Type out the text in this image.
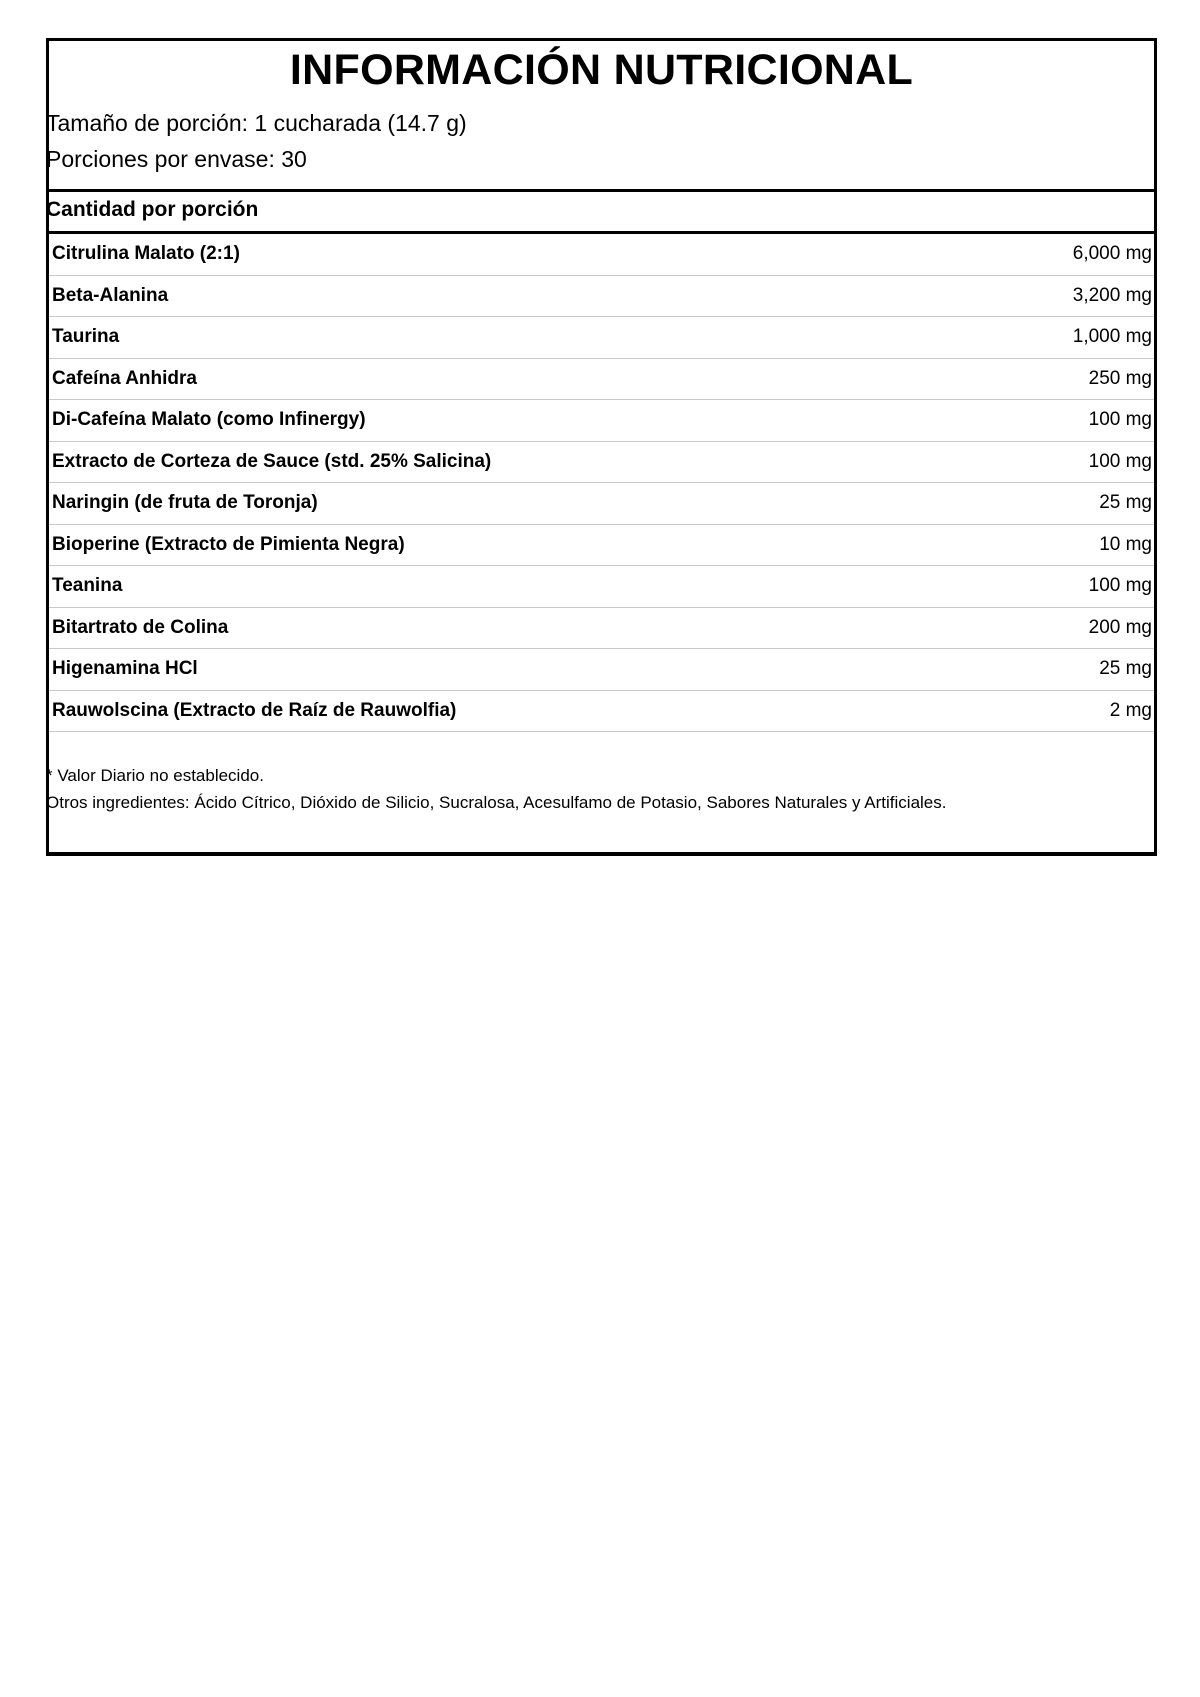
INFORMACIÓN NUTRICIONAL
Tamaño de porción: 1 cucharada (14.7 g)
Porciones por envase: 30
Cantidad por porción
Citrulina Malato (2:1)	6,000 mg
Beta-Alanina	3,200 mg
Taurina	1,000 mg
Cafeína Anhidra	250 mg
Di-Cafeína Malato (como Infinergy)	100 mg
Extracto de Corteza de Sauce (std. 25% Salicina)	100 mg
Naringin (de fruta de Toronja)	25 mg
Bioperine (Extracto de Pimienta Negra)	10 mg
Teanina	100 mg
Bitartrato de Colina	200 mg
Higenamina HCl	25 mg
Rauwolscina (Extracto de Raíz de Rauwolfia)	2 mg
* Valor Diario no establecido.
Otros ingredientes: Ácido Cítrico, Dióxido de Silicio, Sucralosa, Acesulfamo de Potasio, Sabores Naturales y Artificiales.
